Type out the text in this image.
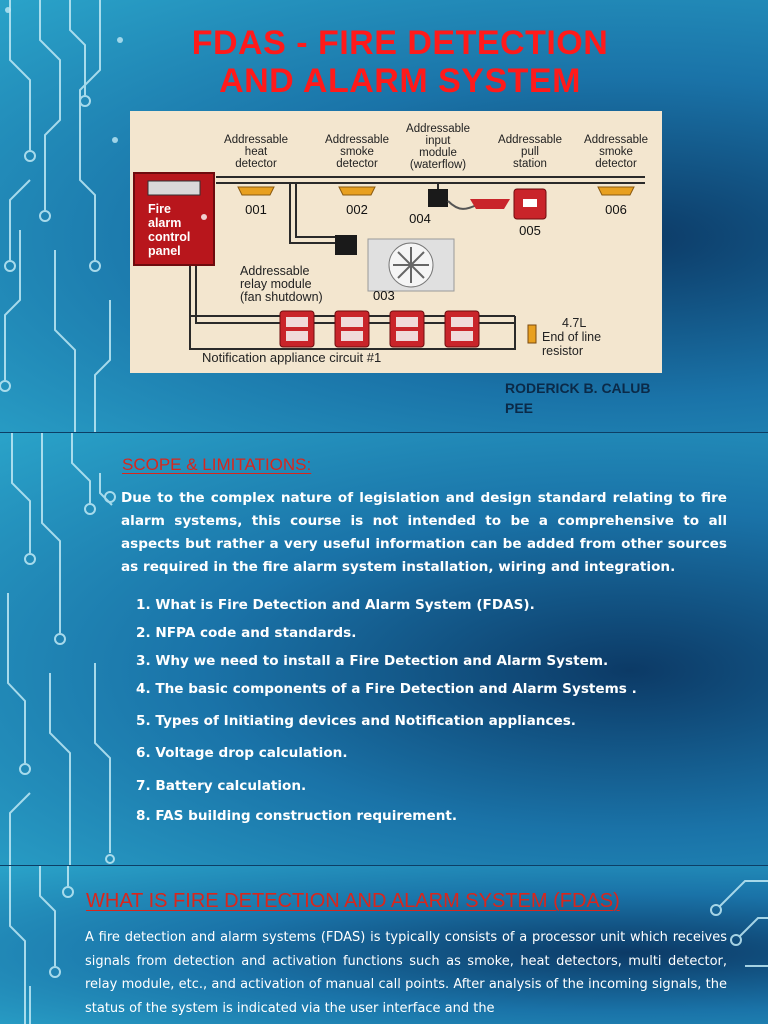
FDAS - FIRE DETECTION
AND ALARM SYSTEM
Fire
alarm
control
panel
Addressable
heat
detector
001
Addressable
smoke
detector
002
Addressable
input
module
(waterflow)
004
Addressable
pull
station
005
Addressable
smoke
detector
006
Addressable
relay module
(fan shutdown)	003
Notification appliance circuit #1
4.7L
End of line
resistor
RODERICK B. CALUB
PEE
SCOPE & LIMITATIONS:

Due to the complex nature of legislation and design standard relating to fire alarm systems, this course is not intended to be a comprehensive to all aspects but rather a very useful information can be added from other sources as required in the fire alarm system installation, wiring and integration.

1. What is Fire Detection and Alarm System (FDAS).
2. NFPA code and standards.
3. Why we need to install a Fire Detection and Alarm System.
4. The basic components of a Fire Detection and Alarm Systems .
5. Types of Initiating devices and Notification appliances.
6. Voltage drop calculation.
7. Battery calculation.
8. FAS building construction requirement.
WHAT IS FIRE DETECTION AND ALARM SYSTEM (FDAS)

A fire detection and alarm systems (FDAS) is typically consists of a processor unit which receives signals from detection and activation functions such as smoke, heat detectors, multi detector, relay module, etc., and activation of manual call points. After analysis of the incoming signals, the status of the system is indicated via the user interface and the
